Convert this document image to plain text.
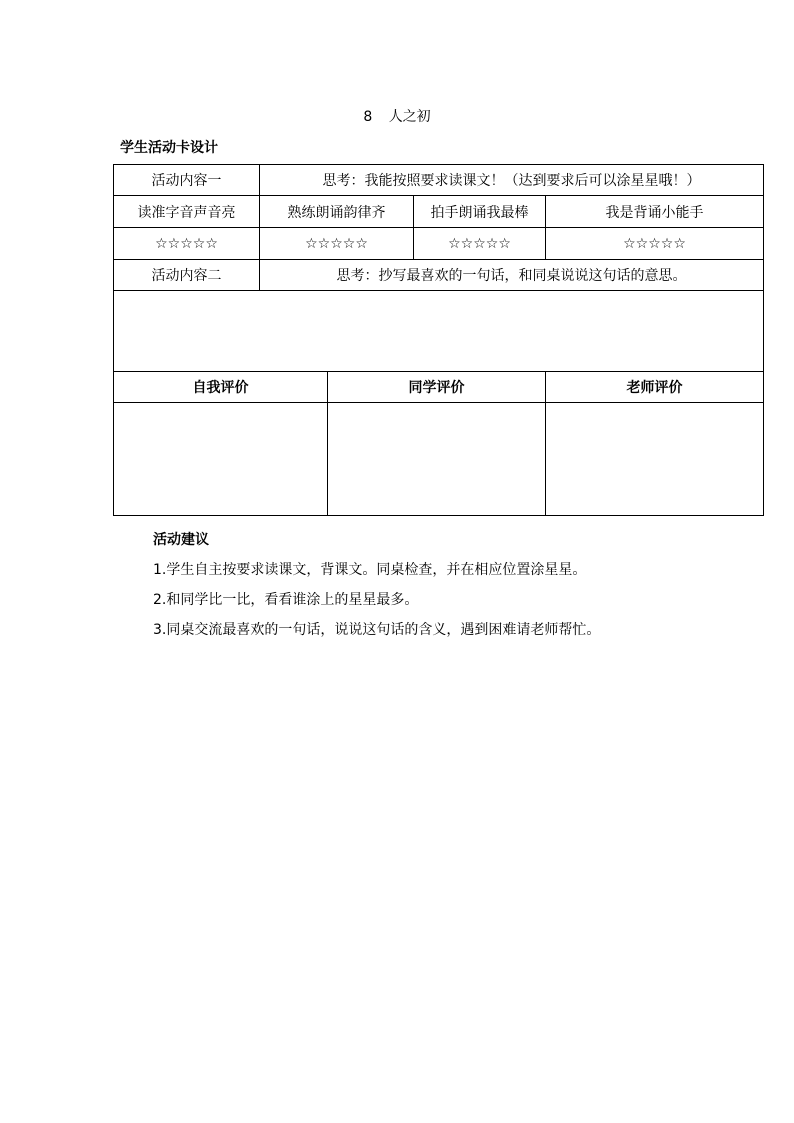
8 人之初
学生活动卡设计
活动内容一	思考：我能按照要求读课文！（达到要求后可以涂星星哦！）			
读准字音声音亮	熟练朗诵韵律齐		拍手朗诵我最棒	我是背诵小能手
☆☆☆☆☆	☆☆☆☆☆		☆☆☆☆☆	☆☆☆☆☆
活动内容二	思考：抄写最喜欢的一句话，和同桌说说这句话的意思。			

自我评价		同学评价		老师评价

活动建议
1.学生自主按要求读课文，背课文。同桌检查，并在相应位置涂星星。
2.和同学比一比，看看谁涂上的星星最多。
3.同桌交流最喜欢的一句话，说说这句话的含义，遇到困难请老师帮忙。
